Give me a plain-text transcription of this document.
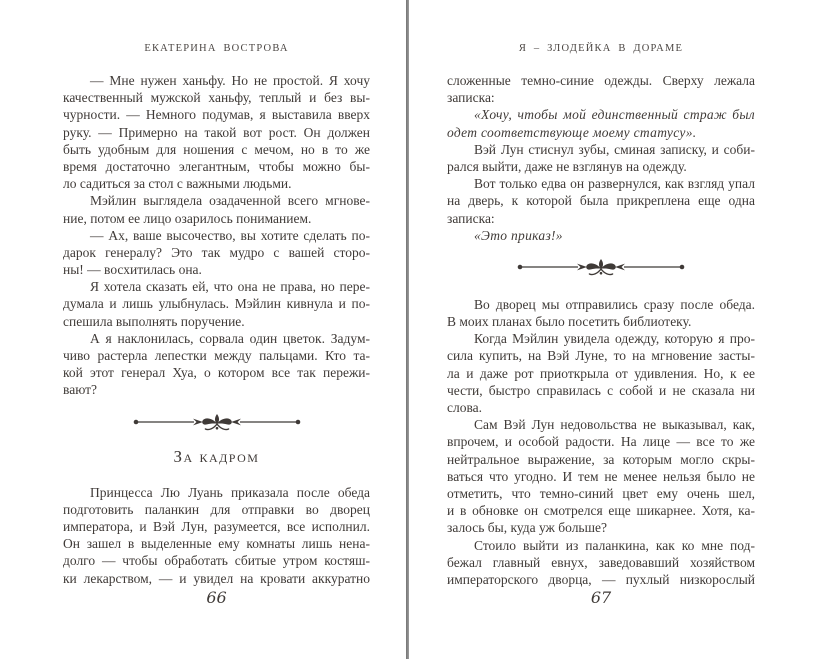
ЕКАТЕРИНА ВОСТРОВА
— Мне нужен ханьфу. Но не простой. Я хочу
качественный мужской ханьфу, теплый и без вы-
чурности. — Немного подумав, я выставила вверх
руку. — Примерно на такой вот рост. Он должен
быть удобным для ношения с мечом, но в то же
время достаточно элегантным, чтобы можно бы-
ло садиться за стол с важными людьми.
Мэйлин выглядела озадаченной всего мгнове-
ние, потом ее лицо озарилось пониманием.
— Ах, ваше высочество, вы хотите сделать по-
дарок генералу? Это так мудро с вашей сторо-
ны! — восхитилась она.
Я хотела сказать ей, что она не права, но пере-
думала и лишь улыбнулась. Мэйлин кивнула и по-
спешила выполнять поручение.
А я наклонилась, сорвала один цветок. Задум-
чиво растерла лепестки между пальцами. Кто та-
кой этот генерал Хуа, о котором все так пережи-
вают?
За кадром
Принцесса Лю Луань приказала после обеда
подготовить паланкин для отправки во дворец
императора, и Вэй Лун, разумеется, все исполнил.
Он зашел в выделенные ему комнаты лишь нена-
долго — чтобы обработать сбитые утром костяш-
ки лекарством, — и увидел на кровати аккуратно
66
Я – ЗЛОДЕЙКА В ДОРАМЕ
сложенные темно-синие одежды. Сверху лежала
записка:
«Хочу, чтобы мой единственный страж был
одет соответствующе моему статусу».
Вэй Лун стиснул зубы, сминая записку, и соби-
рался выйти, даже не взглянув на одежду.
Вот только едва он развернулся, как взгляд упал
на дверь, к которой была прикреплена еще одна
записка:
«Это приказ!»
Во дворец мы отправились сразу после обеда.
В моих планах было посетить библиотеку.
Когда Мэйлин увидела одежду, которую я про-
сила купить, на Вэй Луне, то на мгновение засты-
ла и даже рот приоткрыла от удивления. Но, к ее
чести, быстро справилась с собой и не сказала ни
слова.
Сам Вэй Лун недовольства не выказывал, как,
впрочем, и особой радости. На лице — все то же
нейтральное выражение, за которым могло скры-
ваться что угодно. И тем не менее нельзя было не
отметить, что темно-синий цвет ему очень шел,
и в обновке он смотрелся еще шикарнее. Хотя, ка-
залось бы, куда уж больше?
Стоило выйти из паланкина, как ко мне под-
бежал главный евнух, заведовавший хозяйством
императорского дворца, — пухлый низкорослый
67
